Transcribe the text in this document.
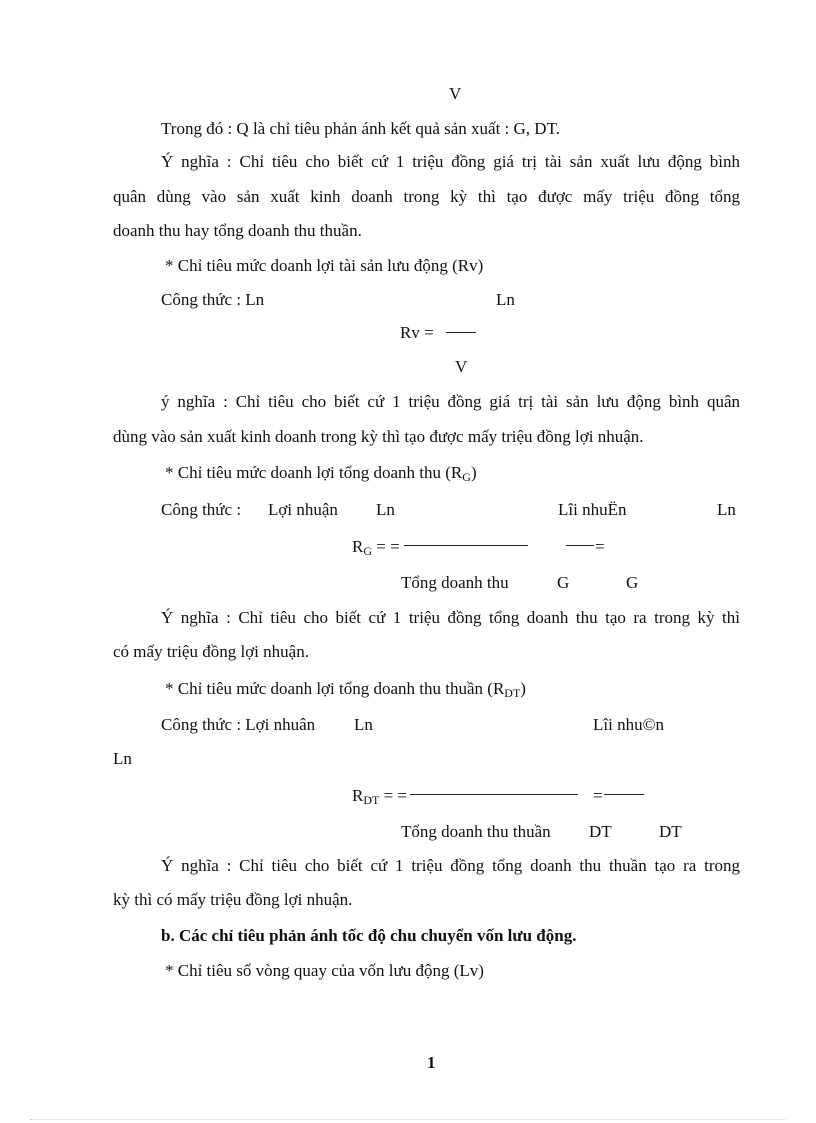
V
Trong đó : Q là chỉ tiêu phản ánh kết quả sản xuất : G, DT.
Ý nghĩa : Chỉ tiêu cho biết cứ 1 triệu đồng giá trị tài sản xuất lưu động bình
quân dùng vào sản xuất kinh doanh trong kỳ thì tạo được mấy triệu đồng tổng
doanh thu hay tổng doanh thu thuần.
* Chỉ tiêu mức doanh lợi tài sản lưu động (Rv)
Công thức : Ln	Ln
Rv =
V
ý nghĩa : Chỉ tiêu cho biết cứ 1 triệu đồng giá trị tài sản lưu động bình quân
dùng vào sản xuất kinh doanh trong kỳ thì tạo được mấy triệu đồng lợi nhuận.
* Chỉ tiêu mức doanh lợi tổng doanh thu $(R_G)$
Công thức : Lợi nhuận Ln	Lîi nhuËn	Ln
$R_G$ = =	=
Tổng doanh thu	G	G
Ý nghĩa : Chỉ tiêu cho biết cứ 1 triệu đồng tổng doanh thu tạo ra trong kỳ thì
có mấy triệu đồng lợi nhuận.
* Chỉ tiêu mức doanh lợi tổng doanh thu thuần $(R_{DT})$
Công thức : Lợi nhuân Ln	Lîi nhu©n
Ln
$R_{DT}$ = =	=
Tổng doanh thu thuần DT	DT
Ý nghĩa : Chỉ tiêu cho biết cứ 1 triệu đồng tổng doanh thu thuần tạo ra trong
kỳ thì có mấy triệu đồng lợi nhuận.
b. Các chỉ tiêu phản ánh tốc độ chu chuyển vốn lưu động.
* Chỉ tiêu số vòng quay của vốn lưu động (Lv)
1
